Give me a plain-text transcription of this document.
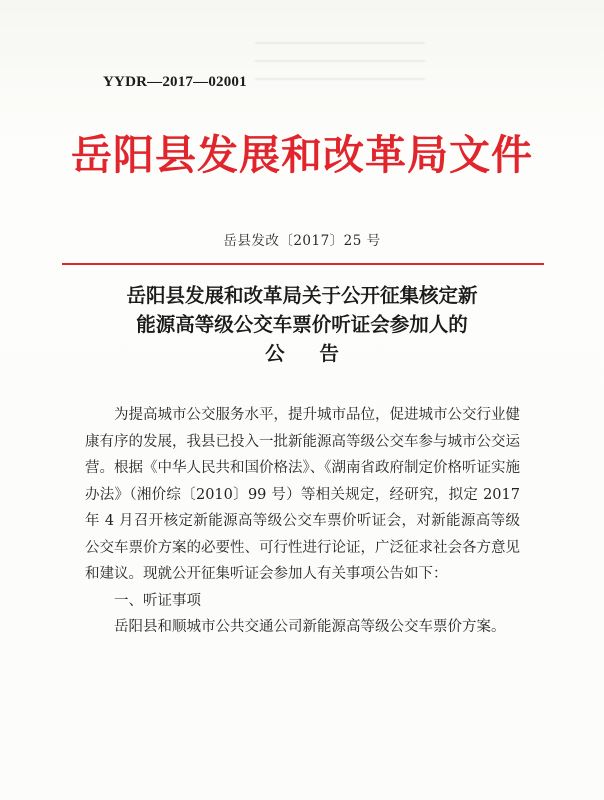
YYDR—2017—02001
岳阳县发展和改革局文件
岳县发改〔2017〕25 号
岳阳县发展和改革局关于公开征集核定新
能源高等级公交车票价听证会参加人的
公 告

为提高城市公交服务水平，提升城市品位，促进城市公交行业健康有序的发展，我县已投入一批新能源高等级公交车参与城市公交运营。根据《中华人民共和国价格法》、《湖南省政府制定价格听证实施办法》（湘价综〔2010〕99 号）等相关规定，经研究，拟定 2017 年 4 月召开核定新能源高等级公交车票价听证会，对新能源高等级公交车票价方案的必要性、可行性进行论证，广泛征求社会各方意见和建议。现就公开征集听证会参加人有关事项公告如下：

一、听证事项

岳阳县和顺城市公共交通公司新能源高等级公交车票价方案。
